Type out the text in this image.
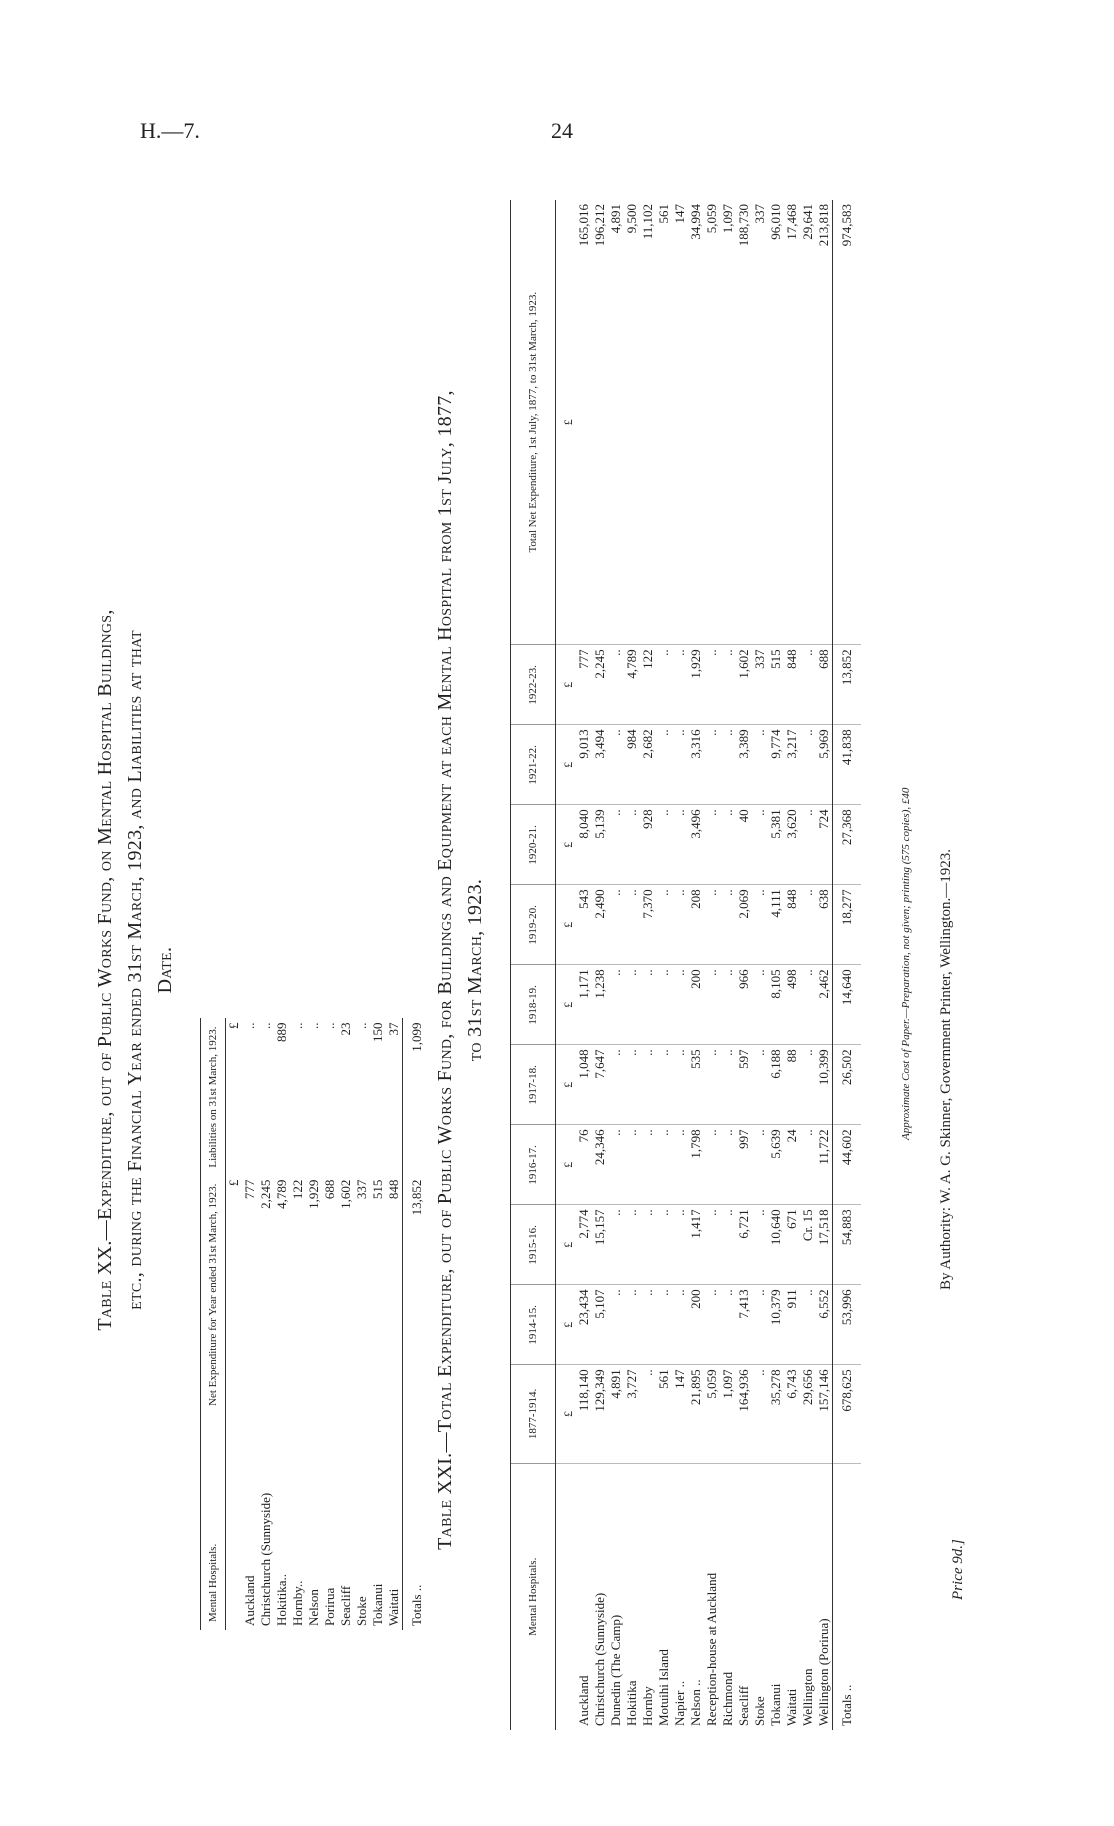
H.—7.	24
Table XX.—Expenditure, out of Public Works Fund, on Mental Hospital Buildings, etc., during the Financial Year ended 31st March, 1923, and Liabilities at that Date.
Mental Hospitals.	Net Expenditure for Year ended 31st March, 1923.	Liabilities on 31st March, 1923.
	£	£
Auckland	777	..
Christchurch (Sunnyside)	2,245	..
Hokitika..	4,789	889
Hornby..	122	..
Nelson	1,929	..
Porirua	688	..
Seacliff	1,602	23
Stoke	337	..
Tokanui	515	150
Waitati	848	37
Totals ..	13,852	1,099 Table XXI.—Total Expenditure, out of Public Works Fund, for Buildings and Equipment at each Mental Hospital from 1st July, 1877, to 31st March, 1923.
Mental Hospitals.	1877-1914.	1914-15.	1915-16.	1916-17.	1917-18.	1918-19.	1919-20.	1920-21.	1921-22.	1922-23.	Total Net Expenditure, 1st July, 1877, to 31st March, 1923.
	£	£	£	£	£	£	£	£	£	£	£
Auckland	118,140	23,434	2,774	76	1,048	1,171	543	8,040	9,013	777	165,016
Christchurch (Sunnyside)	129,349	5,107	15,157	24,346	7,647	1,238	2,490	5,139	3,494	2,245	196,212
Dunedin (The Camp)	4,891	..	..	..	..	..	..	..	..	..	4,891
Hokitika	3,727	..	..	..	..	..	..	..	984	4,789	9,500
Hornby	..	..	..	..	..	..	7,370	928	2,682	122	11,102
Motuihi Island	561	..	..	..	..	..	..	..	..	..	561
Napier ..	147	..	..	..	..	..	..	..	..	..	147
Nelson ..	21,895	200	1,417	1,798	535	200	208	3,496	3,316	1,929	34,994
Reception-house at Auckland	5,059	..	..	..	..	..	..	..	..	..	5,059
Richmond	1,097	..	..	..	..	..	..	..	..	..	1,097
Seacliff	164,936	7,413	6,721	997	597	966	2,069	40	3,389	1,602	188,730
Stoke	..	..	..	..	..	..	..	..	..	337	337
Tokanui	35,278	10,379	10,640	5,639	6,188	8,105	4,111	5,381	9,774	515	96,010
Waitati	6,743	911	671	24	88	498	848	3,620	3,217	848	17,468
Wellington	29,656	..	Cr. 15	..	..	..	..	..	..	..	29,641
Wellington (Porirua)	157,146	6,552	17,518	11,722	10,399	2,462	638	724	5,969	688	213,818
Totals ..	678,625	53,996	54,883	44,602	26,502	14,640	18,277	27,368	41,838	13,852	974,583
Approximate Cost of Paper.—Preparation, not given; printing (575 copies), £40 By Authority: W. A. G. Skinner, Government Printer, Wellington.—1923.
Price 9d.]
